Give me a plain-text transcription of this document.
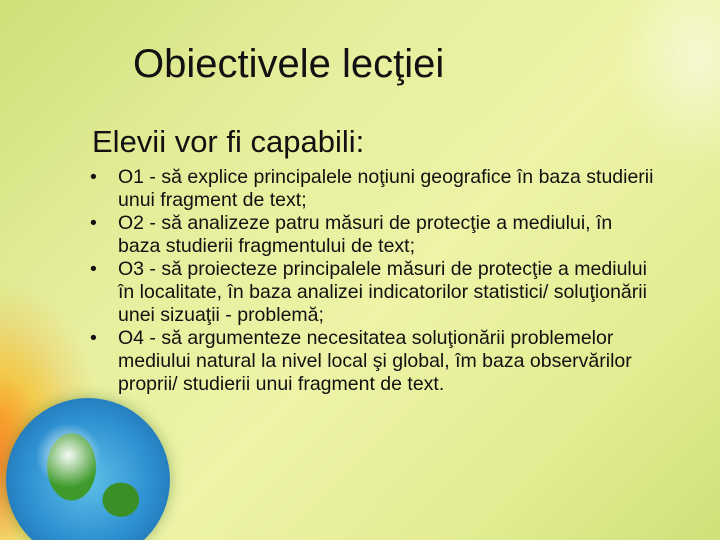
Obiectivele lecţiei
Elevii vor fi capabili:
• O1 - să explice principalele noţiuni geografice în baza studierii unui fragment de text;
• O2 - să analizeze patru măsuri de protecţie a mediului, în baza studierii fragmentului de text;
• O3 - să proiecteze principalele măsuri de protecţie a mediului în localitate, în baza analizei indicatorilor statistici/ soluţionării unei sizuaţii - problemă;
• O4 - să argumenteze necesitatea soluţionării problemelor mediului natural la nivel local şi global, îm baza observărilor proprii/ studierii unui fragment de text.
